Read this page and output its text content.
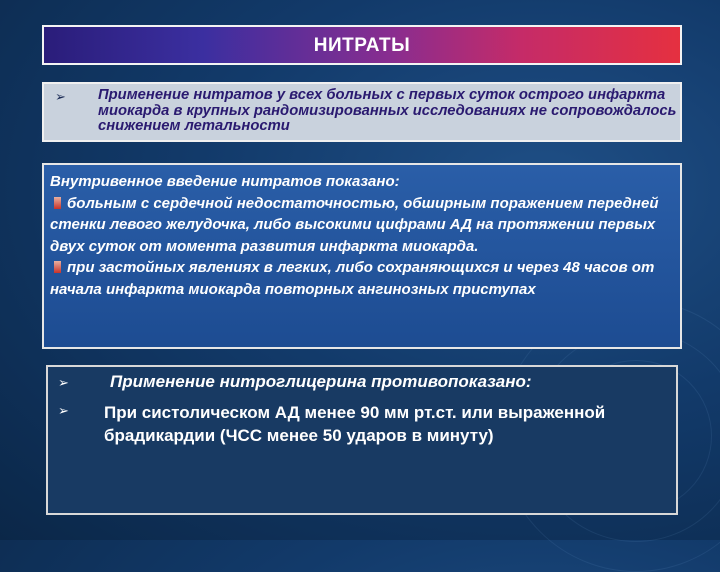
НИТРАТЫ
➢ Применение нитратов у всех больных с первых суток острого инфаркта миокарда в крупных рандомизированных исследованиях не сопровождалось снижением летальности
Внутривенное введение нитратов показано:
больным с сердечной недостаточностью, обширным поражением передней стенки левого желудочка, либо высокими цифрами АД на протяжении первых двух суток от момента развития инфаркта миокарда.
при застойных явлениях в легких, либо сохраняющихся и через 48 часов от начала инфаркта миокарда повторных ангинозных приступах
➢
➢
Применение нитроглицерина противопоказано:
При систолическом АД менее 90 мм рт.ст. или выраженной брадикардии (ЧСС менее 50 ударов в минуту)
